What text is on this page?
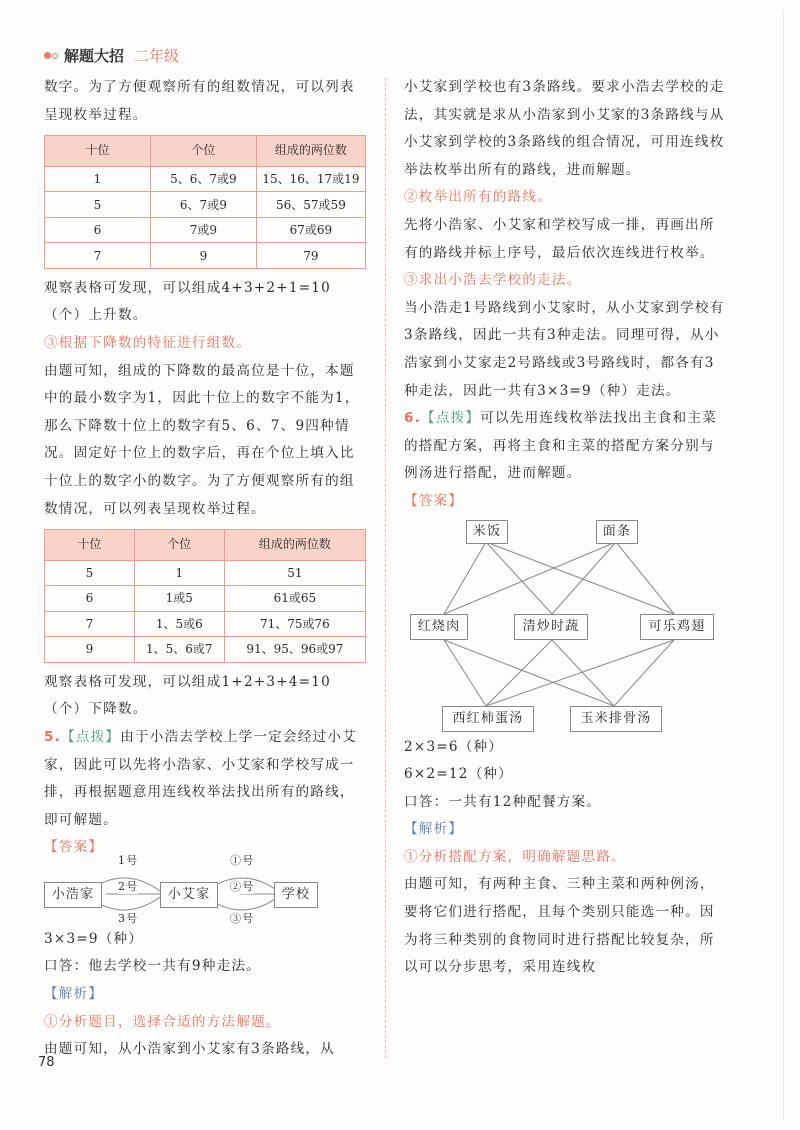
解题大招 二年级

数字。为了方便观察所有的组数情况，可以列表呈现枚举过程。

十位	个位	组成的两位数
1	5、6、7或9	15、16、17或19
5	6、7或9	56、57或59
6	7或9	67或69
7	9	79

观察表格可发现，可以组成4+3+2+1=10（个）上升数。

③根据下降数的特征进行组数。

由题可知，组成的下降数的最高位是十位，本题中的最小数字为1，因此十位上的数字不能为1，那么下降数十位上的数字有5、6、7、9四种情况。固定好十位上的数字后，再在个位上填入比十位上的数字小的数字。为了方便观察所有的组数情况，可以列表呈现枚举过程。

十位	个位	组成的两位数
5	1	51
6	1或5	61或65
7	1、5或6	71、75或76
9	1、5、6或7	91、95、96或97

观察表格可发现，可以组成1+2+3+4=10（个）下降数。

5.【点拨】由于小浩去学校上学一定会经过小艾家，因此可以先将小浩家、小艾家和学校写成一排，再根据题意用连线枚举法找出所有的路线，即可解题。

【答案】

小浩家	小艾家	学校
1号
2号
3号
①号
②号
③号

3×3=9（种）

口答：他去学校一共有9种走法。

【解析】

①分析题目，选择合适的方法解题。

由题可知，从小浩家到小艾家有3条路线，从

小艾家到学校也有3条路线。要求小浩去学校的走法，其实就是求从小浩家到小艾家的3条路线与从小艾家到学校的3条路线的组合情况，可用连线枚举法枚举出所有的路线，进而解题。

②枚举出所有的路线。

先将小浩家、小艾家和学校写成一排，再画出所有的路线并标上序号，最后依次连线进行枚举。

③求出小浩去学校的走法。

当小浩走1号路线到小艾家时，从小艾家到学校有3条路线，因此一共有3种走法。同理可得，从小浩家到小艾家走2号路线或3号路线时，都各有3种走法，因此一共有3×3=9（种）走法。

6.【点拨】可以先用连线枚举法找出主食和主菜的搭配方案，再将主食和主菜的搭配方案分别与例汤进行搭配，进而解题。

【答案】

米饭	面条
红烧肉	清炒时蔬	可乐鸡翅
西红柿蛋汤	玉米排骨汤

2×3=6（种）

6×2=12（种）

口答：一共有12种配餐方案。

【解析】

①分析搭配方案，明确解题思路。

由题可知，有两种主食、三种主菜和两种例汤，要将它们进行搭配，且每个类别只能选一种。因为将三种类别的食物同时进行搭配比较复杂，所以可以分步思考，采用连线枚

78
